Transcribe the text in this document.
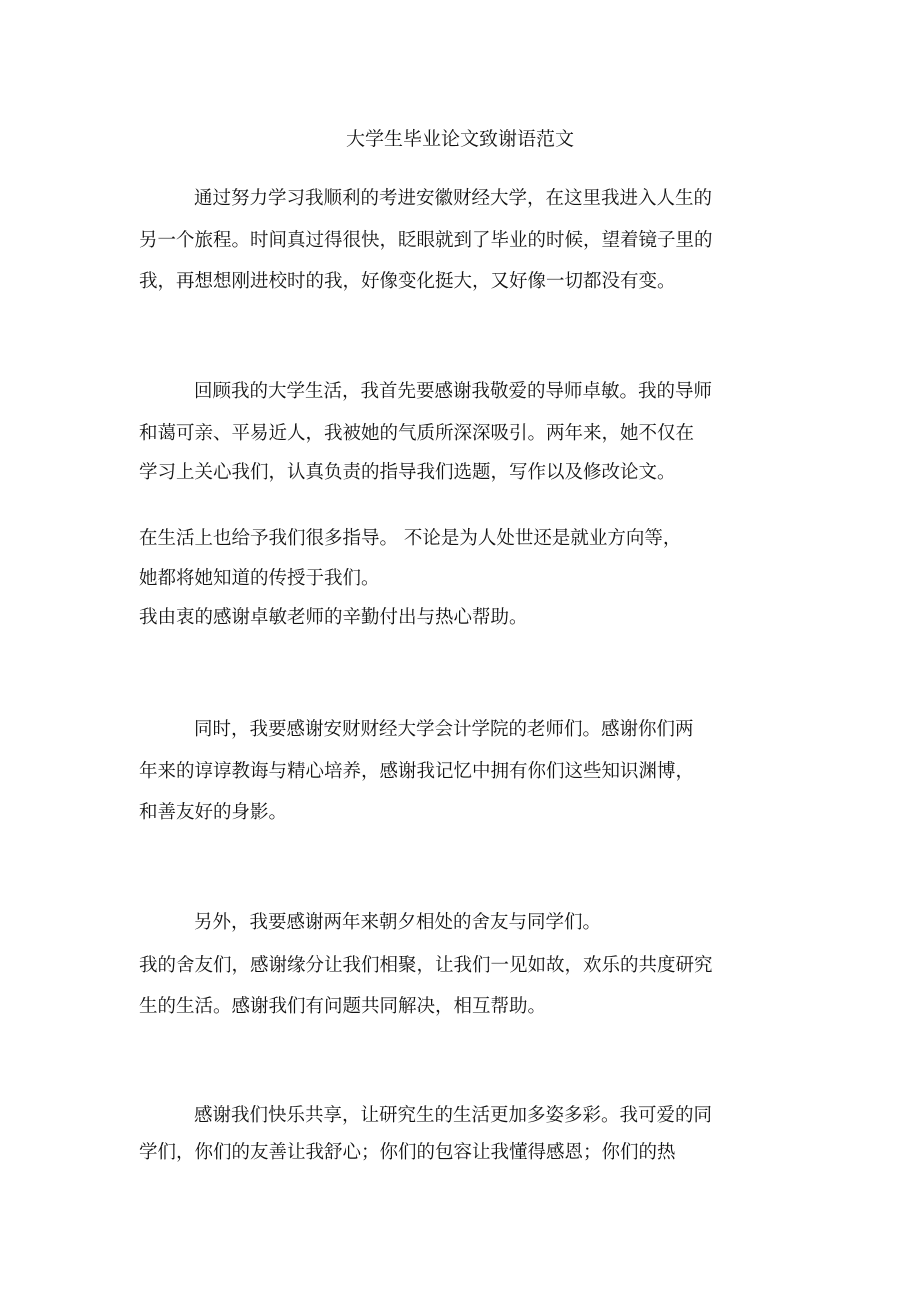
大学生毕业论文致谢语范文

通过努力学习我顺利的考进安徽财经大学，在这里我进入人生的

另一个旅程。时间真过得很快，眨眼就到了毕业的时候，望着镜子里的

我，再想想刚进校时的我，好像变化挺大，又好像一切都没有变。

回顾我的大学生活，我首先要感谢我敬爱的导师卓敏。我的导师

和蔼可亲、平易近人，我被她的气质所深深吸引。两年来，她不仅在

学习上关心我们，认真负责的指导我们选题，写作以及修改论文。

在生活上也给予我们很多指导。 不论是为人处世还是就业方向等，

她都将她知道的传授于我们。

我由衷的感谢卓敏老师的辛勤付出与热心帮助。

同时，我要感谢安财财经大学会计学院的老师们。感谢你们两

年来的谆谆教诲与精心培养，感谢我记忆中拥有你们这些知识渊博，

和善友好的身影。

另外，我要感谢两年来朝夕相处的舍友与同学们。

我的舍友们，感谢缘分让我们相聚，让我们一见如故，欢乐的共度研究

生的生活。感谢我们有问题共同解决，相互帮助。

感谢我们快乐共享，让研究生的生活更加多姿多彩。我可爱的同

学们，你们的友善让我舒心；你们的包容让我懂得感恩；你们的热
